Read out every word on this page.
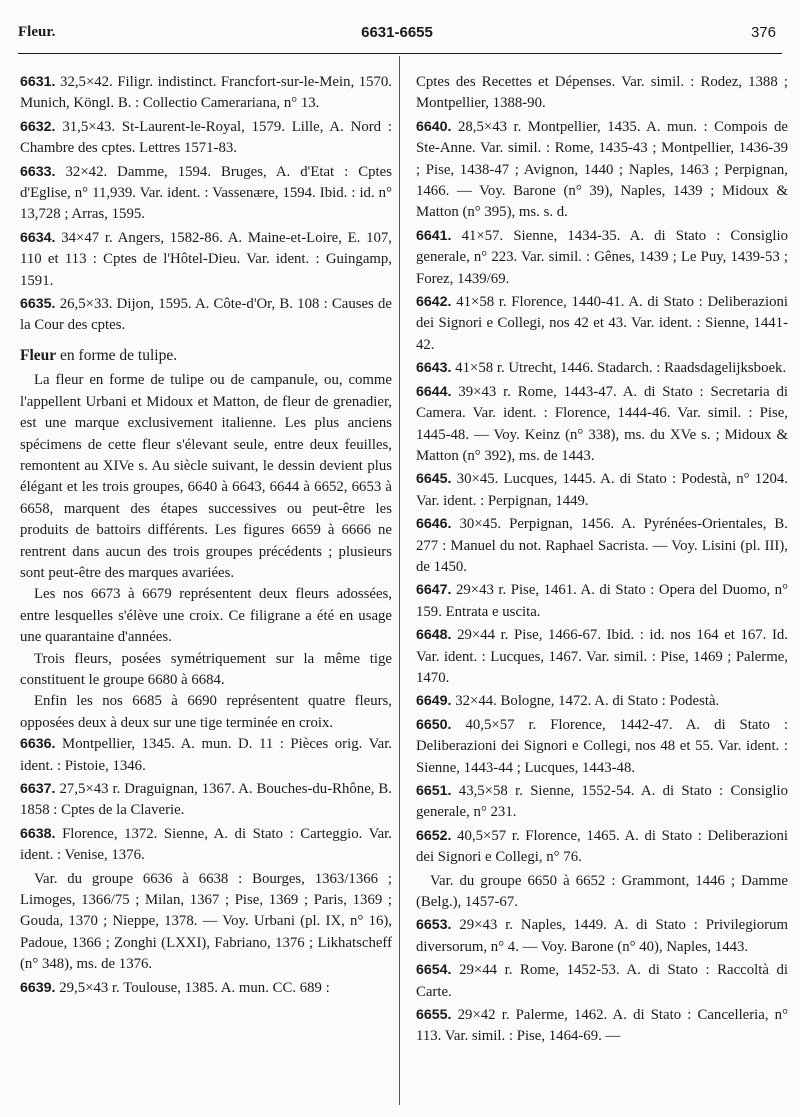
Fleur.	6631-6655	376

6631. 32,5×42. Filigr. indistinct. Francfort-sur-le-Mein, 1570. Munich, Köngl. B. : Collectio Camerariana, n° 13.

6632. 31,5×43. St-Laurent-le-Royal, 1579. Lille, A. Nord : Chambre des cptes. Lettres 1571-83.

6633. 32×42. Damme, 1594. Bruges, A. d'Etat : Cptes d'Eglise, n° 11,939. Var. ident. : Vassenære, 1594. Ibid. : id. n° 13,728 ; Arras, 1595.

6634. 34×47 r. Angers, 1582-86. A. Maine-et-Loire, E. 107, 110 et 113 : Cptes de l'Hôtel-Dieu. Var. ident. : Guingamp, 1591.

6635. 26,5×33. Dijon, 1595. A. Côte-d'Or, B. 108 : Causes de la Cour des cptes.

Fleur en forme de tulipe.

La fleur en forme de tulipe ou de campanule, ou, comme l'appellent Urbani et Midoux et Matton, de fleur de grenadier, est une marque exclusivement italienne. Les plus anciens spécimens de cette fleur s'élevant seule, entre deux feuilles, remontent au XIVe s. Au siècle suivant, le dessin devient plus élégant et les trois groupes, 6640 à 6643, 6644 à 6652, 6653 à 6658, marquent des étapes successives ou peut-être les produits de battoirs différents. Les figures 6659 à 6666 ne rentrent dans aucun des trois groupes précédents ; plusieurs sont peut-être des marques avariées.

Les nos 6673 à 6679 représentent deux fleurs adossées, entre lesquelles s'élève une croix. Ce filigrane a été en usage une quarantaine d'années.

Trois fleurs, posées symétriquement sur la même tige constituent le groupe 6680 à 6684.

Enfin les nos 6685 à 6690 représentent quatre fleurs, opposées deux à deux sur une tige terminée en croix.

6636. Montpellier, 1345. A. mun. D. 11 : Pièces orig. Var. ident. : Pistoie, 1346.

6637. 27,5×43 r. Draguignan, 1367. A. Bouches-du-Rhône, B. 1858 : Cptes de la Claverie.

6638. Florence, 1372. Sienne, A. di Stato : Carteggio. Var. ident. : Venise, 1376.

Var. du groupe 6636 à 6638 : Bourges, 1363/1366 ; Limoges, 1366/75 ; Milan, 1367 ; Pise, 1369 ; Paris, 1369 ; Gouda, 1370 ; Nieppe, 1378. — Voy. Urbani (pl. IX, n° 16), Padoue, 1366 ; Zonghi (LXXI), Fabriano, 1376 ; Likhatscheff (n° 348), ms. de 1376.

6639. 29,5×43 r. Toulouse, 1385. A. mun. CC. 689 :

Cptes des Recettes et Dépenses. Var. simil. : Rodez, 1388 ; Montpellier, 1388-90.

6640. 28,5×43 r. Montpellier, 1435. A. mun. : Compois de Ste-Anne. Var. simil. : Rome, 1435-43 ; Montpellier, 1436-39 ; Pise, 1438-47 ; Avignon, 1440 ; Naples, 1463 ; Perpignan, 1466. — Voy. Barone (n° 39), Naples, 1439 ; Midoux & Matton (n° 395), ms. s. d.

6641. 41×57. Sienne, 1434-35. A. di Stato : Consiglio generale, n° 223. Var. simil. : Gênes, 1439 ; Le Puy, 1439-53 ; Forez, 1439/69.

6642. 41×58 r. Florence, 1440-41. A. di Stato : Deliberazioni dei Signori e Collegi, nos 42 et 43. Var. ident. : Sienne, 1441-42.

6643. 41×58 r. Utrecht, 1446. Stadarch. : Raadsdagelijksboek.

6644. 39×43 r. Rome, 1443-47. A. di Stato : Secretaria di Camera. Var. ident. : Florence, 1444-46. Var. simil. : Pise, 1445-48. — Voy. Keinz (n° 338), ms. du XVe s. ; Midoux & Matton (n° 392), ms. de 1443.

6645. 30×45. Lucques, 1445. A. di Stato : Podestà, n° 1204. Var. ident. : Perpignan, 1449.

6646. 30×45. Perpignan, 1456. A. Pyrénées-Orientales, B. 277 : Manuel du not. Raphael Sacrista. — Voy. Lisini (pl. III), de 1450.

6647. 29×43 r. Pise, 1461. A. di Stato : Opera del Duomo, n° 159. Entrata e uscita.

6648. 29×44 r. Pise, 1466-67. Ibid. : id. nos 164 et 167. Id. Var. ident. : Lucques, 1467. Var. simil. : Pise, 1469 ; Palerme, 1470.

6649. 32×44. Bologne, 1472. A. di Stato : Podestà.

6650. 40,5×57 r. Florence, 1442-47. A. di Stato : Deliberazioni dei Signori e Collegi, nos 48 et 55. Var. ident. : Sienne, 1443-44 ; Lucques, 1443-48.

6651. 43,5×58 r. Sienne, 1552-54. A. di Stato : Consiglio generale, n° 231.

6652. 40,5×57 r. Florence, 1465. A. di Stato : Deliberazioni dei Signori e Collegi, n° 76.

Var. du groupe 6650 à 6652 : Grammont, 1446 ; Damme (Belg.), 1457-67.

6653. 29×43 r. Naples, 1449. A. di Stato : Privilegiorum diversorum, n° 4. — Voy. Barone (n° 40), Naples, 1443.

6654. 29×44 r. Rome, 1452-53. A. di Stato : Raccoltà di Carte.

6655. 29×42 r. Palerme, 1462. A. di Stato : Cancelleria, n° 113. Var. simil. : Pise, 1464-69. —
